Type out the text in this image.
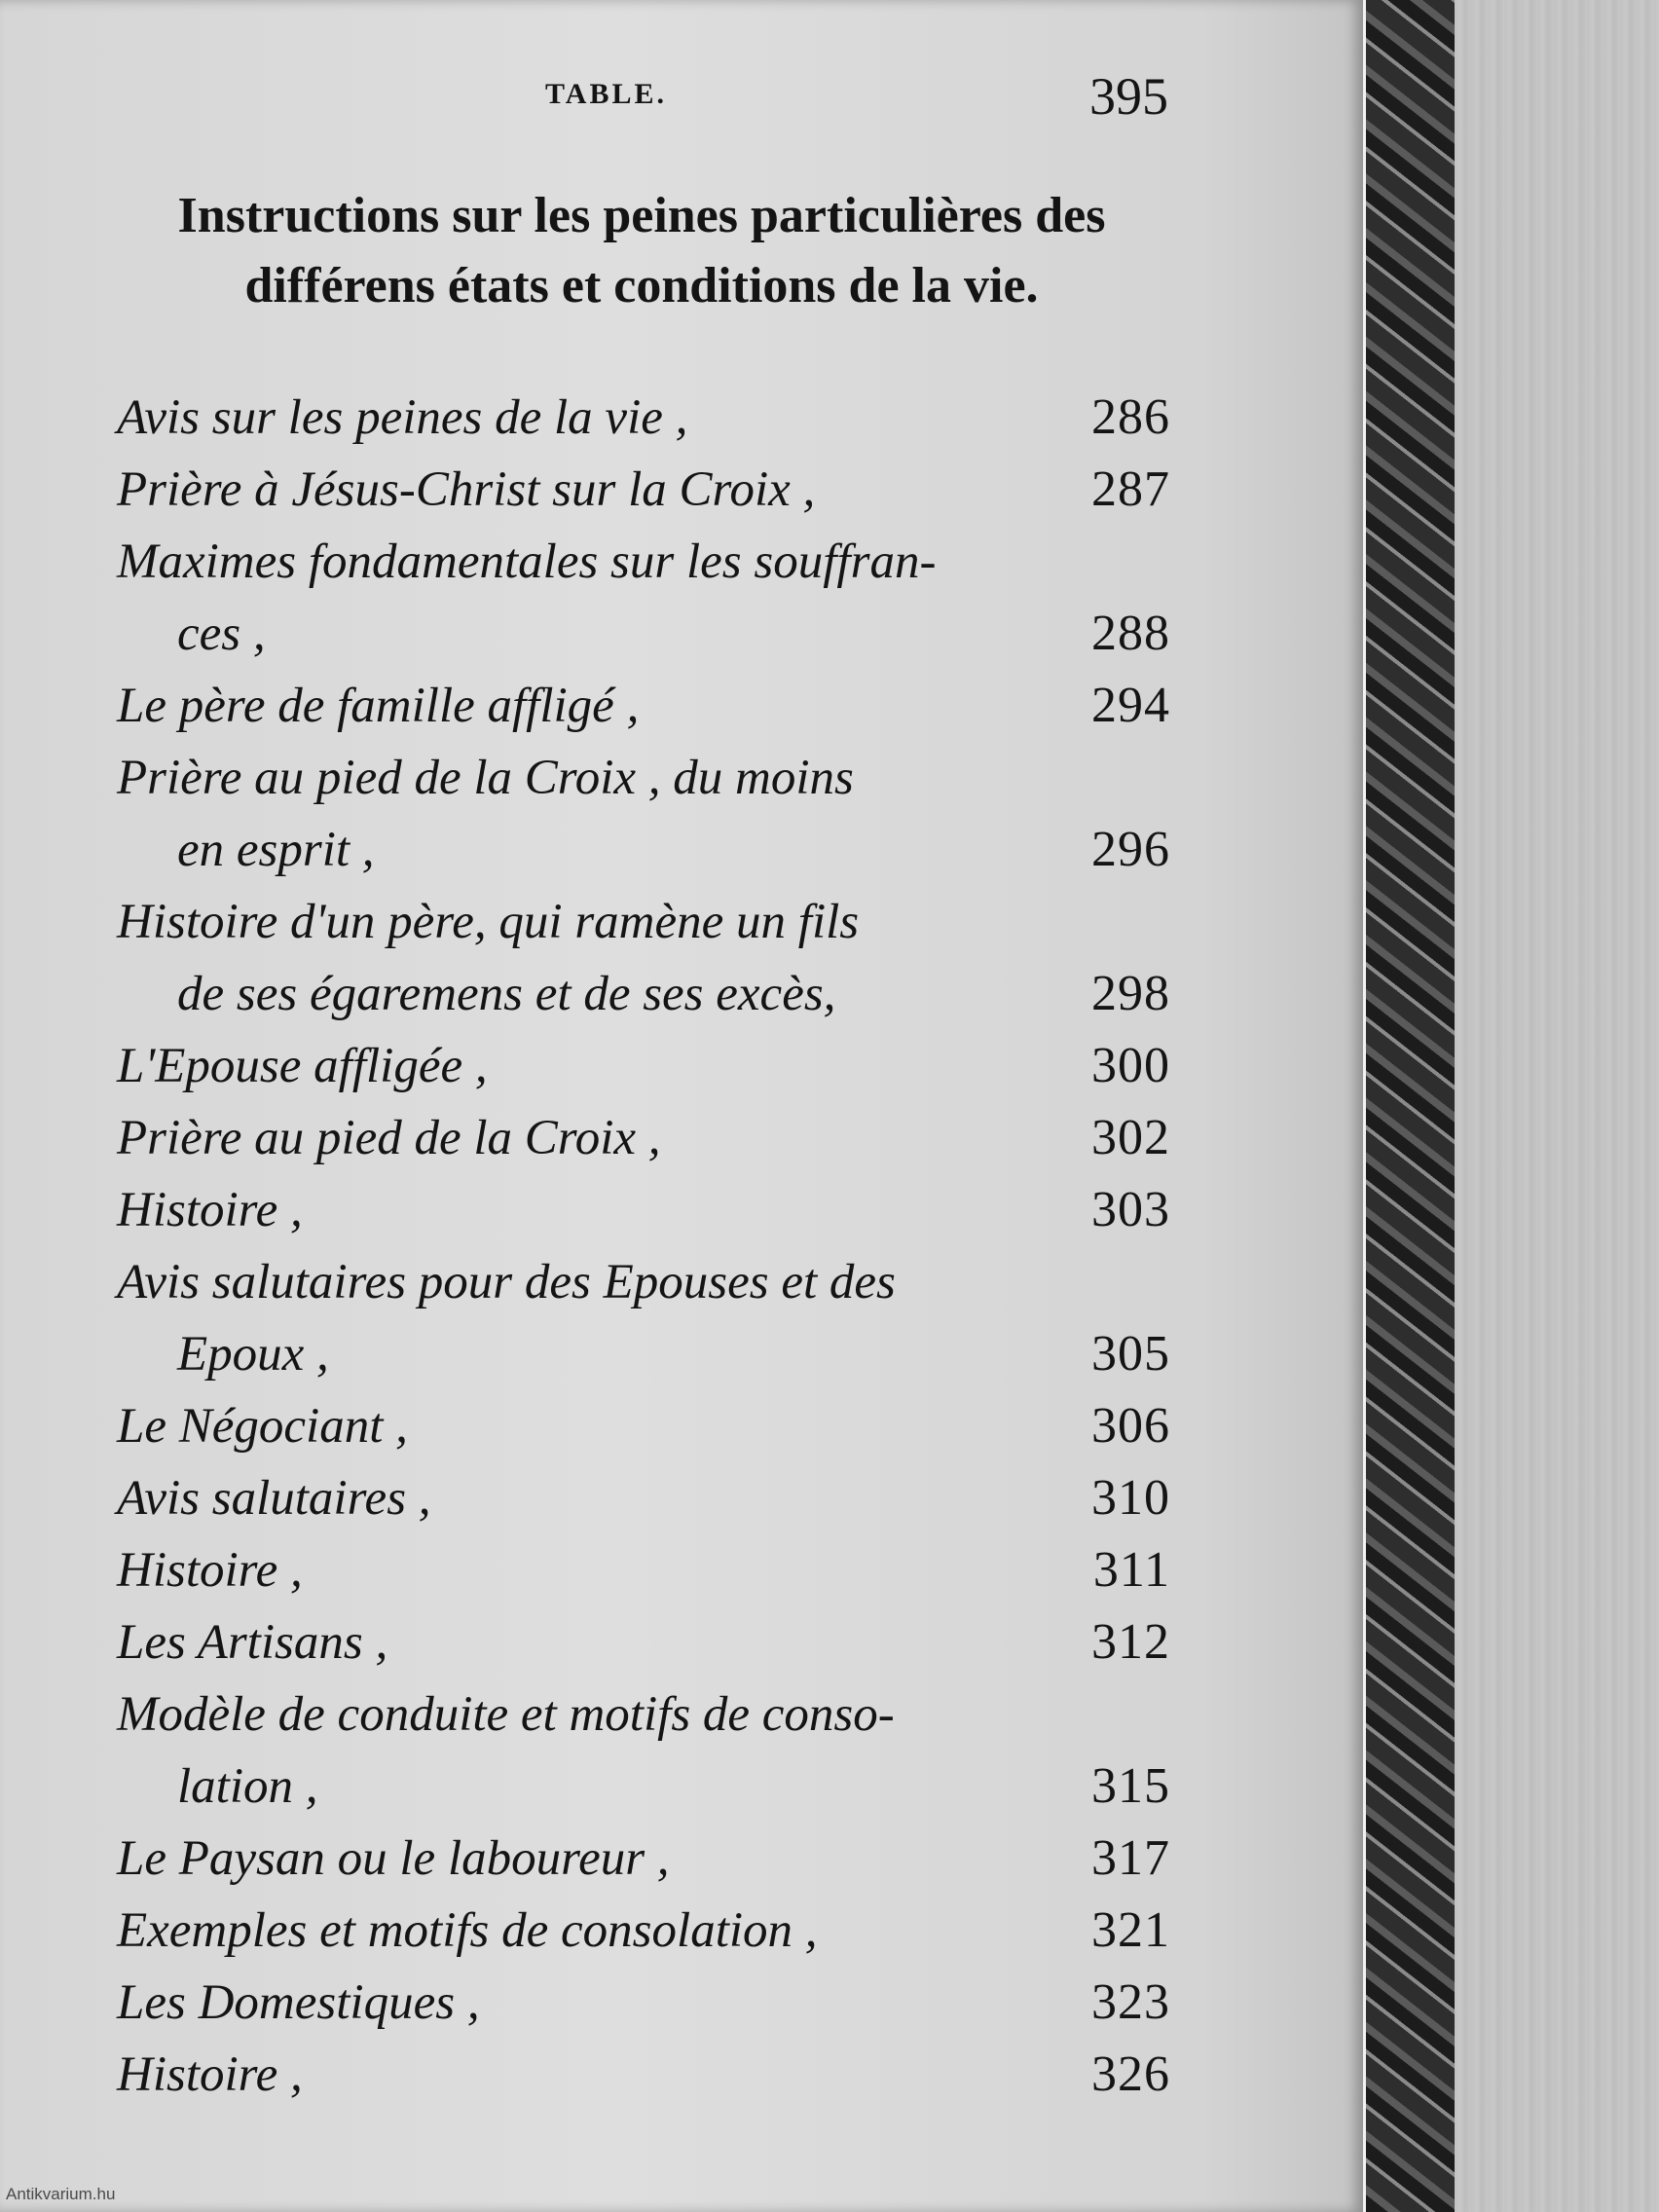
TABLE.	395
Instructions sur les peines particulières des
différens états et conditions de la vie.
Avis sur les peines de la vie ,	286
Prière à Jésus-Christ sur la Croix ,	287
Maximes fondamentales sur les souffran-
ces ,	288
Le père de famille affligé ,	294
Prière au pied de la Croix , du moins
en esprit ,	296
Histoire d'un père, qui ramène un fils
de ses égaremens et de ses excès,	298
L'Epouse affligée ,	300
Prière au pied de la Croix ,	302
Histoire ,	303
Avis salutaires pour des Epouses et des
Epoux ,	305
Le Négociant ,	306
Avis salutaires ,	310
Histoire ,	311
Les Artisans ,	312
Modèle de conduite et motifs de conso-
lation ,	315
Le Paysan ou le laboureur ,	317
Exemples et motifs de consolation ,	321
Les Domestiques ,	323
Histoire ,	326
Antikvarium.hu
